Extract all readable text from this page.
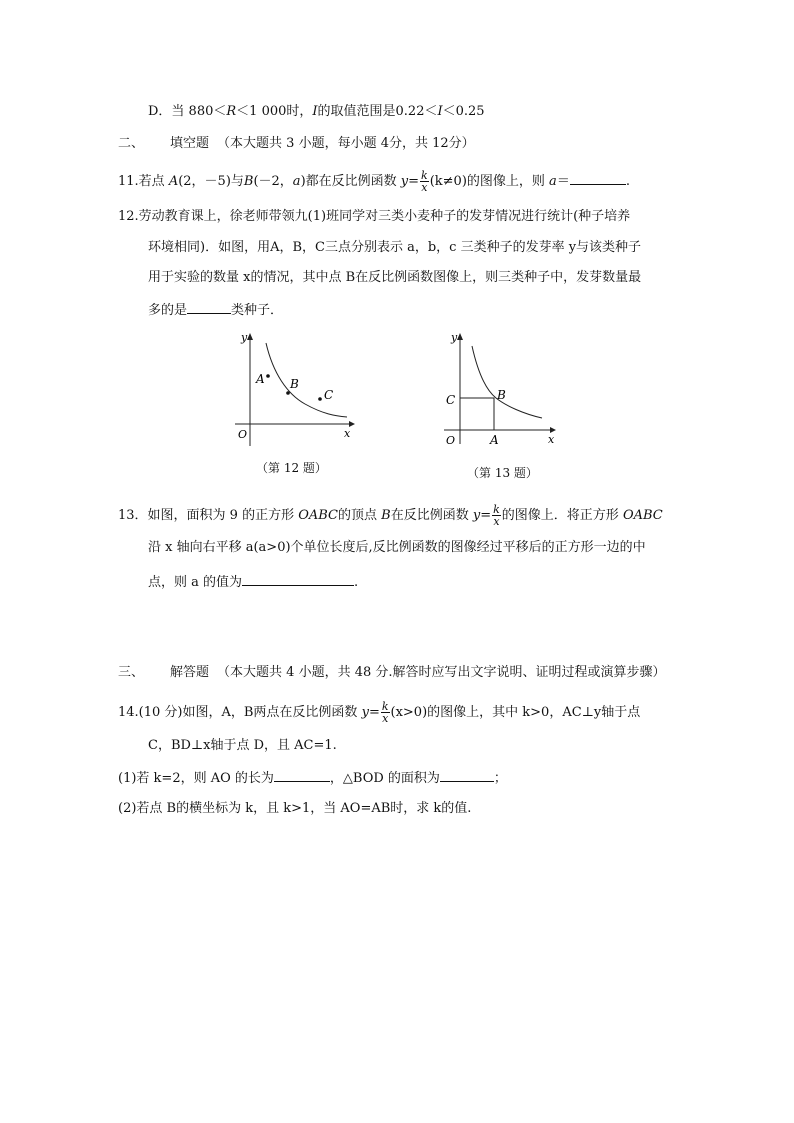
D．当 880＜R＜1 000时，I的取值范围是0.22＜I＜0.25
二、 填空题 （本大题共 3 小题，每小题 4分，共 12分）
11.若点 A(2，－5)与B(－2，a)都在反比例函数 $y= \frac{k}{x} (k\ne 0)$的图像上，则 a＝	.
12.劳动教育课上，徐老师带领九(1)班同学对三类小麦种子的发芽情况进行统计(种子培养
环境相同)．如图，用A，B，C三点分别表示 a，b，c 三类种子的发芽率 y与该类种子
用于实验的数量 x的情况，其中点 B在反比例函数图像上，则三类种子中，发芽数量最
多的是	类种子．
y
x
O
A B
C
（第 12 题）
y
x
O	A
B
C
（第 13 题）
13．如图，面积为 9 的正方形 OABC的顶点 B在反比例函数 $y= \frac{k}{x}$ 的图像上．将正方形 OABC
沿 x 轴向右平移 a(a>0)个单位长度后,反比例函数的图像经过平移后的正方形一边的中
点，则 a 的值为	.
三、 解答题 （本大题共 4 小题，共 48 分.解答时应写出文字说明、证明过程或演算步骤）
14.(10 分)如图，A，B两点在反比例函数 $y= \frac{k}{x} (x>0)$的图像上，其中 k>0，AC⊥y轴于点
C，BD⊥x轴于点 D，且 AC=1.
(1)若 k=2，则 AO 的长为	，△BOD 的面积为	；
(2)若点 B的横坐标为 k，且 k>1，当 AO=AB时，求 k的值.
